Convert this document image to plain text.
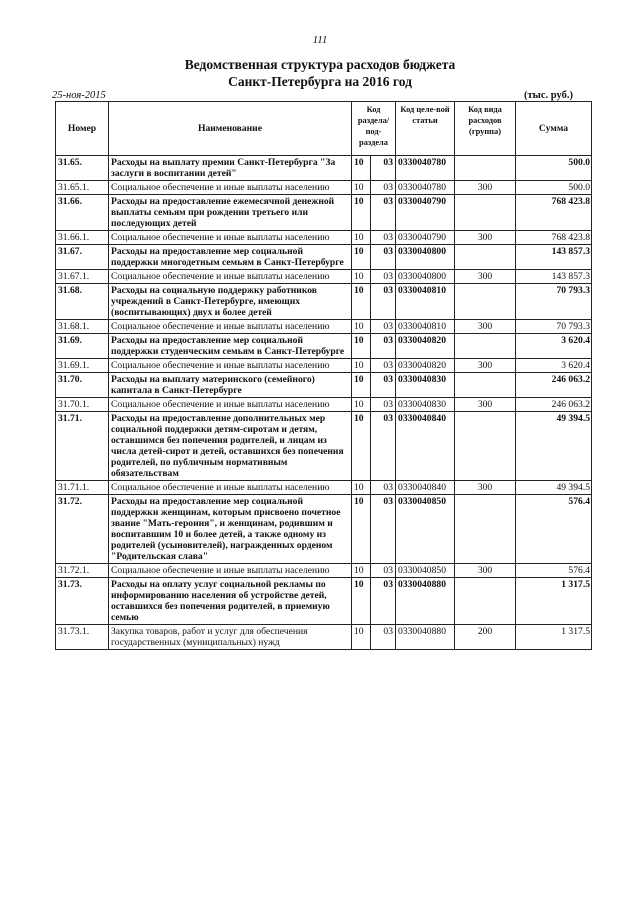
111
Ведомственная структура расходов бюджета
Санкт-Петербурга на 2016 год
25-ноя-2015	(тыс. руб.)
Номер	Наименование	Код раздела/ под-раздела		Код целе-вой статьи	Код вида расходов (группа)	Сумма
31.65.	Расходы на выплату премии Санкт-Петербурга "За заслуги в воспитании детей"	10	03	0330040780		500.0
31.65.1.	Социальное обеспечение и иные выплаты населению	10	03	0330040780	300	500.0
31.66.	Расходы на предоставление ежемесячной денежной выплаты семьям при рождении третьего или последующих детей	10	03	0330040790		768 423.8
31.66.1.	Социальное обеспечение и иные выплаты населению	10	03	0330040790	300	768 423.8
31.67.	Расходы на предоставление мер социальной поддержки многодетным семьям в Санкт-Петербурге	10	03	0330040800		143 857.3
31.67.1.	Социальное обеспечение и иные выплаты населению	10	03	0330040800	300	143 857.3
31.68.	Расходы на социальную поддержку работников учреждений в Санкт-Петербурге, имеющих (воспитывающих) двух и более детей	10	03	0330040810		70 793.3
31.68.1.	Социальное обеспечение и иные выплаты населению	10	03	0330040810	300	70 793.3
31.69.	Расходы на предоставление мер социальной поддержки студенческим семьям в Санкт-Петербурге	10	03	0330040820		3 620.4
31.69.1.	Социальное обеспечение и иные выплаты населению	10	03	0330040820	300	3 620.4
31.70.	Расходы на выплату материнского (семейного) капитала в Санкт-Петербурге	10	03	0330040830		246 063.2
31.70.1.	Социальное обеспечение и иные выплаты населению	10	03	0330040830	300	246 063.2
31.71.	Расходы на предоставление дополнительных мер социальной поддержки детям-сиротам и детям, оставшимся без попечения родителей, и лицам из числа детей-сирот и детей, оставшихся без попечения родителей, по публичным нормативным обязательствам	10	03	0330040840		49 394.5
31.71.1.	Социальное обеспечение и иные выплаты населению	10	03	0330040840	300	49 394.5
31.72.	Расходы на предоставление мер социальной поддержки женщинам, которым присвоено почетное звание "Мать-героиня", и женщинам, родившим и воспитавшим 10 и более детей, а также одному из родителей (усыновителей), награжденных орденом "Родительская слава"	10	03	0330040850		576.4
31.72.1.	Социальное обеспечение и иные выплаты населению	10	03	0330040850	300	576.4
31.73.	Расходы на оплату услуг социальной рекламы по информированию населения об устройстве детей, оставшихся без попечения родителей, в приемную семью	10	03	0330040880		1 317.5
31.73.1.	Закупка товаров, работ и услуг для обеспечения государственных (муниципальных) нужд	10	03	0330040880	200	1 317.5
